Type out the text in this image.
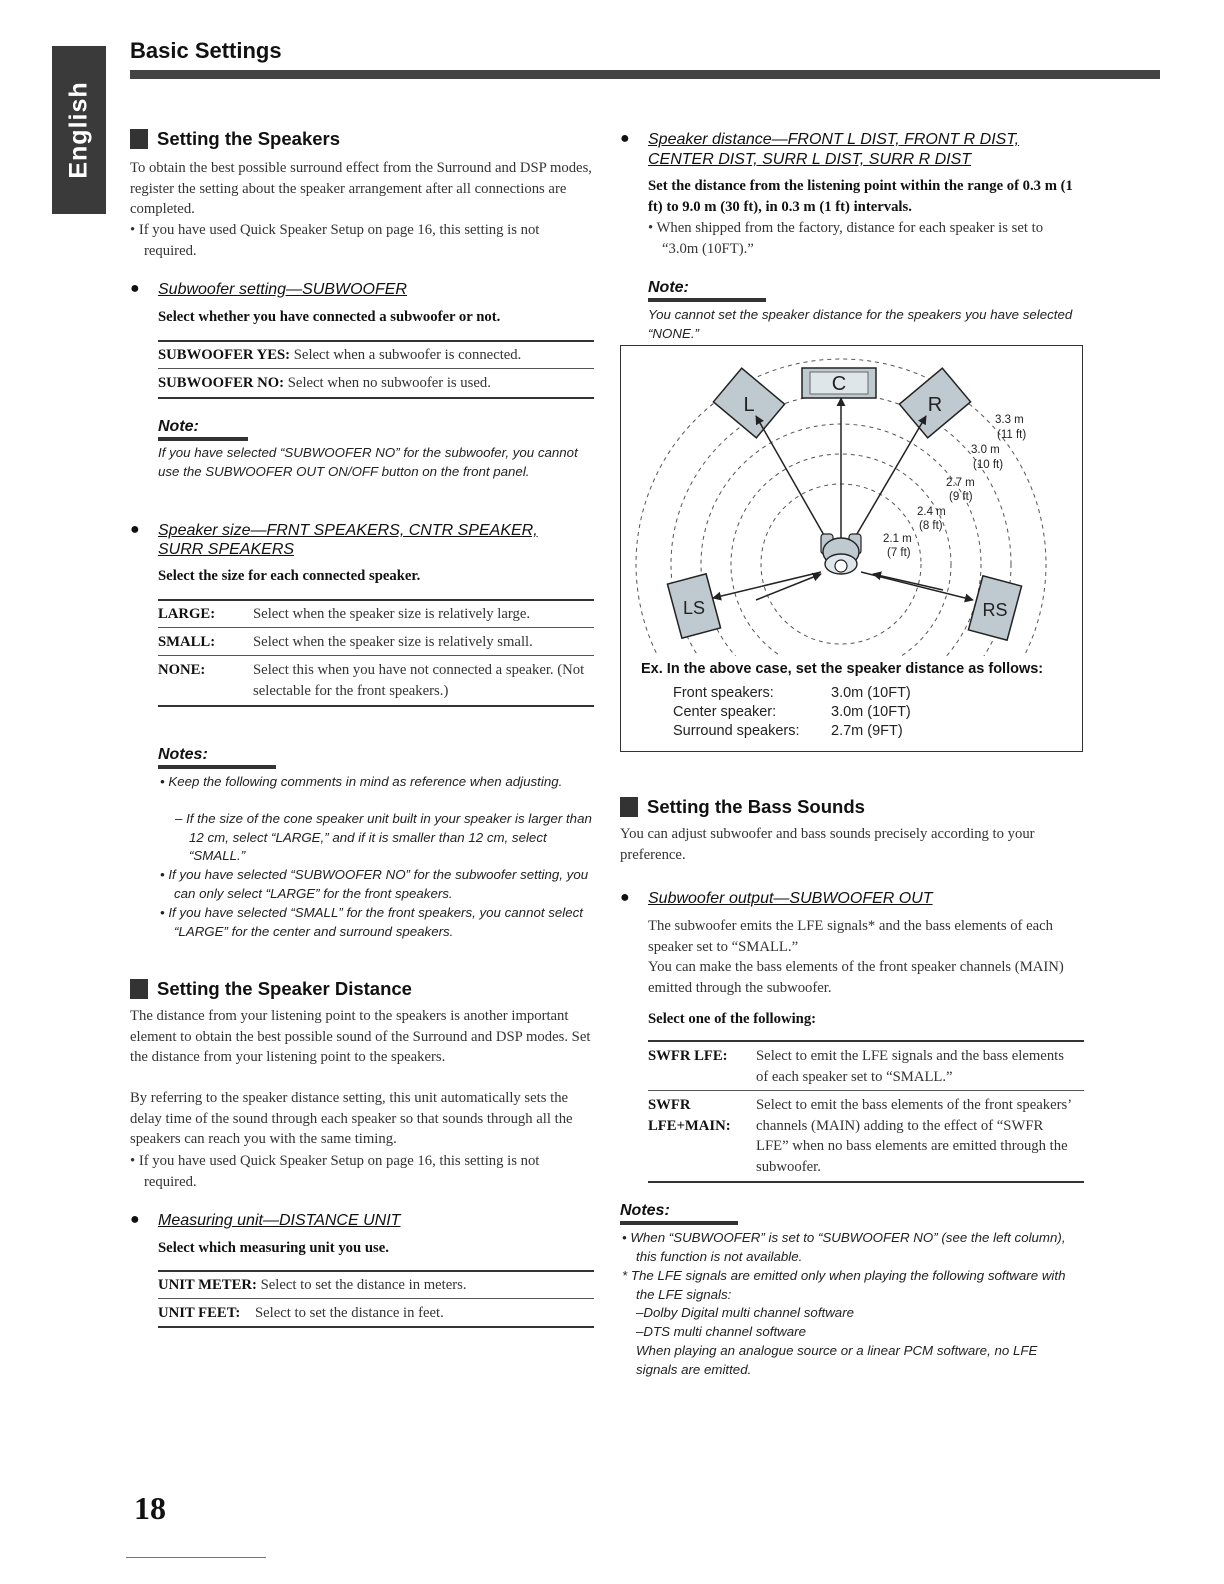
English
Basic Settings
Setting the Speakers
To obtain the best possible surround effect from the Surround and DSP modes, register the setting about the speaker arrangement after all connections are completed.
• If you have used Quick Speaker Setup on page 16, this setting is not required.
● Subwoofer setting—SUBWOOFER
Select whether you have connected a subwoofer or not.
SUBWOOFER YES: Select when a subwoofer is connected.
SUBWOOFER NO: Select when no subwoofer is used.
Note:
If you have selected “SUBWOOFER NO” for the subwoofer, you cannot use the SUBWOOFER OUT ON/OFF button on the front panel.
● Speaker size—FRNT SPEAKERS, CNTR SPEAKER,
SURR SPEAKERS
Select the size for each connected speaker.
LARGE:	Select when the speaker size is relatively large.
SMALL:	Select when the speaker size is relatively small.
NONE:	Select this when you have not connected a speaker. (Not selectable for the front speakers.)
Notes:
• Keep the following comments in mind as reference when adjusting.
– If the size of the cone speaker unit built in your speaker is larger than 12 cm, select “LARGE,” and if it is smaller than 12 cm, select “SMALL.”
• If you have selected “SUBWOOFER NO” for the subwoofer setting, you can only select “LARGE” for the front speakers.
• If you have selected “SMALL” for the front speakers, you cannot select “LARGE” for the center and surround speakers.
Setting the Speaker Distance
The distance from your listening point to the speakers is another important element to obtain the best possible sound of the Surround and DSP modes. Set the distance from your listening point to the speakers.
By referring to the speaker distance setting, this unit automatically sets the delay time of the sound through each speaker so that sounds through all the speakers can reach you with the same timing.
• If you have used Quick Speaker Setup on page 16, this setting is not required.
● Measuring unit—DISTANCE UNIT
Select which measuring unit you use.
UNIT METER: Select to set the distance in meters.
UNIT FEET: Select to set the distance in feet.
● Speaker distance—FRONT L DIST, FRONT R DIST,
CENTER DIST, SURR L DIST, SURR R DIST
Set the distance from the listening point within the range of 0.3 m (1 ft) to 9.0 m (30 ft), in 0.3 m (1 ft) intervals.
• When shipped from the factory, distance for each speaker is set to “3.0m (10FT).”
Note:
You cannot set the speaker distance for the speakers you have selected “NONE.”
C
L	R
LS	RS
3.3 m
(11 ft)
3.0 m
(10 ft)
2.7 m
(9 ft)
2.4 m
(8 ft)
2.1 m
(7 ft)
Ex. In the above case, set the speaker distance as follows:
Front speakers:	3.0m (10FT)
Center speaker:	3.0m (10FT)
Surround speakers: 2.7m (9FT)
Setting the Bass Sounds
You can adjust subwoofer and bass sounds precisely according to your preference.
● Subwoofer output—SUBWOOFER OUT
The subwoofer emits the LFE signals* and the bass elements of each speaker set to “SMALL.”
You can make the bass elements of the front speaker channels (MAIN) emitted through the subwoofer.
Select one of the following:
SWFR LFE:	Select to emit the LFE signals and the bass elements of each speaker set to “SMALL.”
SWFR LFE+MAIN:
Select to emit the bass elements of the front speakers’ channels (MAIN) adding to the effect of “SWFR LFE” when no bass elements are emitted through the subwoofer.
Notes:
• When “SUBWOOFER” is set to “SUBWOOFER NO” (see the left column), this function is not available.
* The LFE signals are emitted only when playing the following software with the LFE signals:
–Dolby Digital multi channel software
–DTS multi channel software
When playing an analogue source or a linear PCM software, no LFE signals are emitted.
18
